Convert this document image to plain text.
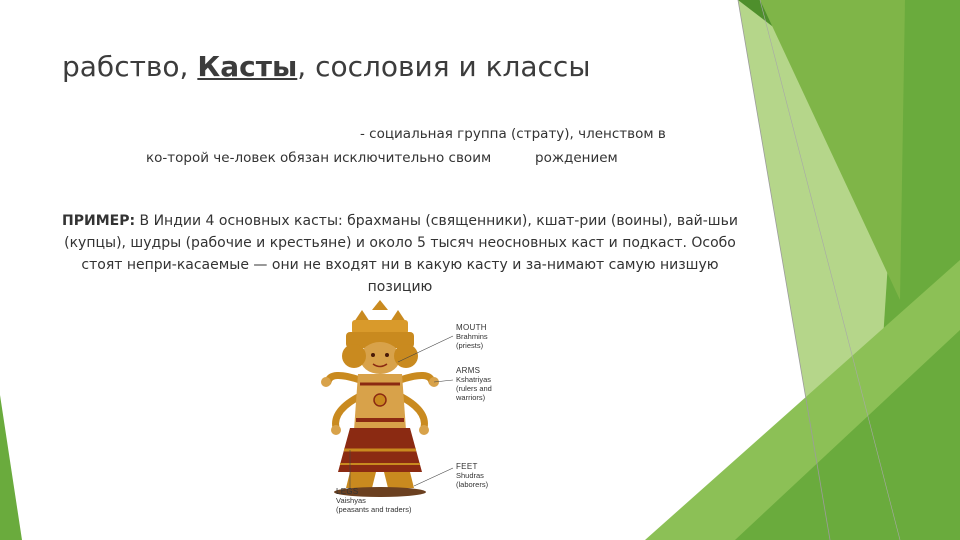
рабство, Касты, сословия и классы
- социальная группа (страту), членством в
ко-торой че-ловек обязан исключительно своим	рождением
ПРИМЕР: В Индии 4 основных касты: брахманы (священники), кшат-рии (воины), вай-шьи (купцы), шудры (рабочие и крестьяне) и около 5 тысяч неосновных каст и подкаст. Особо стоят непри-касаемые — они не входят ни в какую касту и за-нимают самую низшую позицию
MOUTH
Brahmins
(priests)
ARMS
Kshatriyas
(rulers and
warriors)
FEET
Shudras
(laborers)
LEGS
Vaishyas
(peasants and traders)
